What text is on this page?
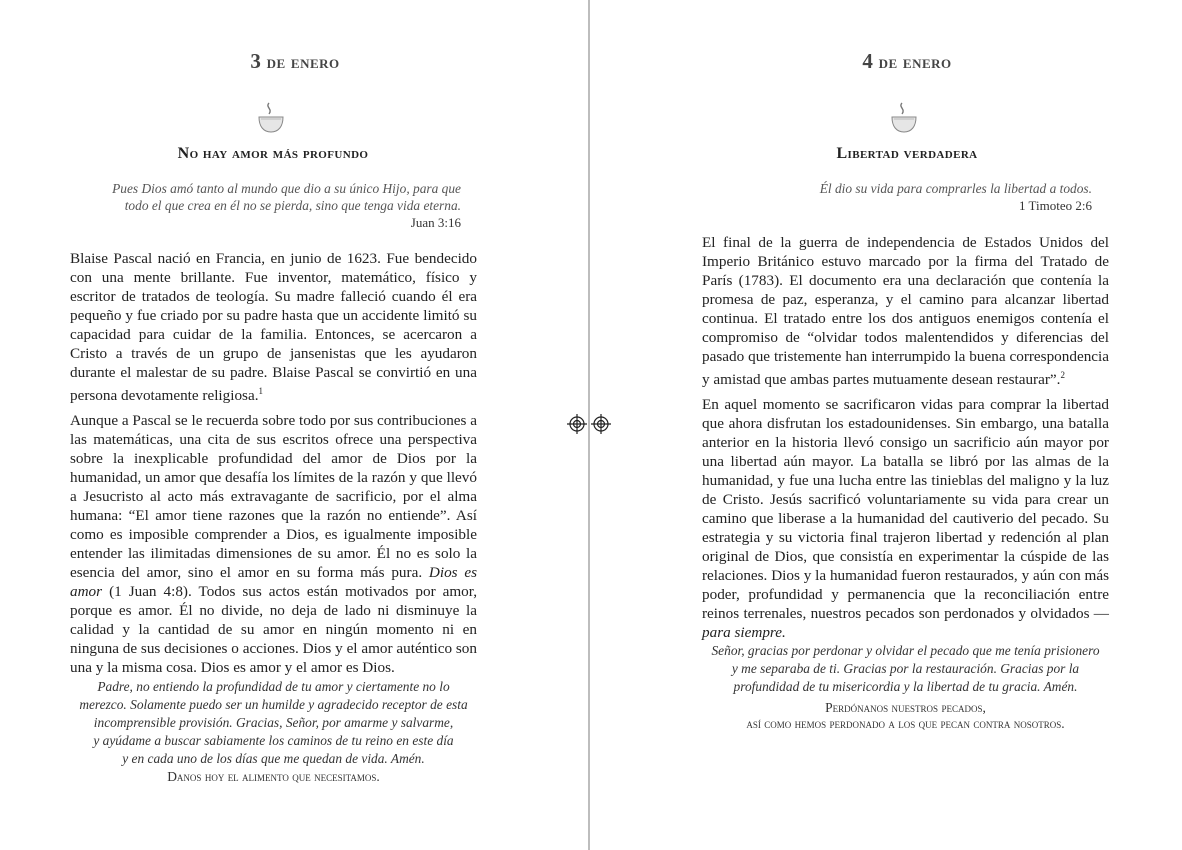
3 de enero
No hay amor más profundo
Pues Dios amó tanto al mundo que dio a su único Hijo, para que todo el que crea en él no se pierda, sino que tenga vida eterna.
Juan 3:16

Blaise Pascal nació en Francia, en junio de 1623. Fue bendecido con una mente brillante. Fue inventor, matemático, físico y escritor de tratados de teología. Su madre falleció cuando él era pequeño y fue criado por su padre hasta que un accidente limitó su capacidad para cuidar de la familia. Entonces, se acercaron a Cristo a través de un grupo de jansenistas que les ayudaron durante el malestar de su padre. Blaise Pascal se convirtió en una persona devotamente religiosa.$^1$

Aunque a Pascal se le recuerda sobre todo por sus contribuciones a las matemáticas, una cita de sus escritos ofrece una perspectiva sobre la inexplicable profundidad del amor de Dios por la humanidad, un amor que desafía los límites de la razón y que llevó a Jesucristo al acto más extravagante de sacrificio, por el alma humana: “El amor tiene razones que la razón no entiende”. Así como es imposible comprender a Dios, es igualmente imposible entender las ilimitadas dimensiones de su amor. Él no es solo la esencia del amor, sino el amor en su forma más pura. Dios es amor (1 Juan 4:8). Todos sus actos están motivados por amor, porque es amor. Él no divide, no deja de lado ni disminuye la calidad y la cantidad de su amor en ningún momento ni en ninguna de sus decisiones o acciones. Dios y el amor auténtico son una y la misma cosa. Dios es amor y el amor es Dios.

Padre, no entiendo la profundidad de tu amor y ciertamente no lo
merezco. Solamente puedo ser un humilde y agradecido receptor de esta
incomprensible provisión. Gracias, Señor, por amarme y salvarme,
y ayúdame a buscar sabiamente los caminos de tu reino en este día
y en cada uno de los días que me quedan de vida. Amén.
Danos hoy el alimento que necesitamos.
4 de enero
Libertad verdadera
Él dio su vida para comprarles la libertad a todos.
1 Timoteo 2:6

El final de la guerra de independencia de Estados Unidos del Imperio Británico estuvo marcado por la firma del Tratado de París (1783). El documento era una declaración que contenía la promesa de paz, esperanza, y el camino para alcanzar libertad continua. El tratado entre los dos antiguos enemigos contenía el compromiso de “olvidar todos malentendidos y diferencias del pasado que tristemente han interrumpido la buena correspondencia y amistad que ambas partes mutuamente desean restaurar”.$^2$

En aquel momento se sacrificaron vidas para comprar la libertad que ahora disfrutan los estadounidenses. Sin embargo, una batalla anterior en la historia llevó consigo un sacrificio aún mayor por una libertad aún mayor. La batalla se libró por las almas de la humanidad, y fue una lucha entre las tinieblas del maligno y la luz de Cristo. Jesús sacrificó voluntariamente su vida para crear un camino que liberase a la humanidad del cautiverio del pecado. Su estrategia y su victoria final trajeron libertad y redención al plan original de Dios, que consistía en experimentar la cúspide de las relaciones. Dios y la humanidad fueron restaurados, y aún con más poder, profundidad y permanencia que la reconciliación entre reinos terrenales, nuestros pecados son perdonados y olvidados —para siempre.

Señor, gracias por perdonar y olvidar el pecado que me tenía prisionero
y me separaba de ti. Gracias por la restauración. Gracias por la
profundidad de tu misericordia y la libertad de tu gracia. Amén.
Perdónanos nuestros pecados,
así como hemos perdonado a los que pecan contra nosotros.
